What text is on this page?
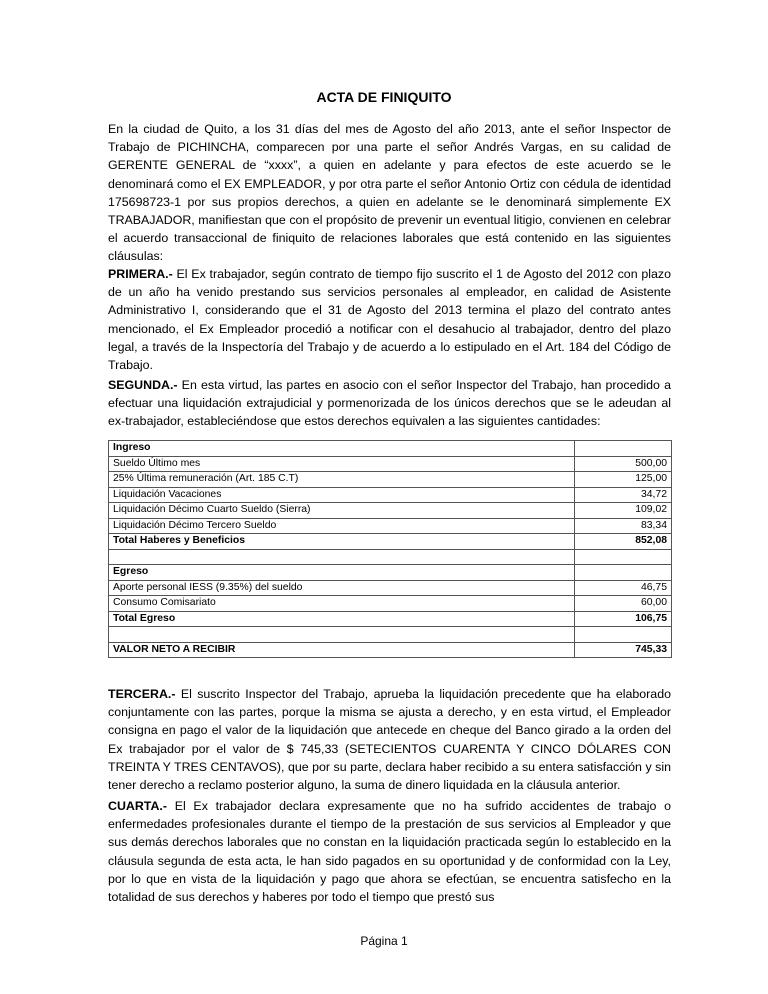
ACTA DE FINIQUITO

En la ciudad de Quito, a los 31 días del mes de Agosto del año 2013, ante el señor Inspector de Trabajo de PICHINCHA, comparecen por una parte el señor Andrés Vargas, en su calidad de GERENTE GENERAL de “xxxx”, a quien en adelante y para efectos de este acuerdo se le denominará como el EX EMPLEADOR, y por otra parte el señor Antonio Ortiz con cédula de identidad 175698723-1 por sus propios derechos, a quien en adelante se le denominará simplemente EX TRABAJADOR, manifiestan que con el propósito de prevenir un eventual litigio, convienen en celebrar el acuerdo transaccional de finiquito de relaciones laborales que está contenido en las siguientes cláusulas:

PRIMERA.- El Ex trabajador, según contrato de tiempo fijo suscrito el 1 de Agosto del 2012 con plazo de un año ha venido prestando sus servicios personales al empleador, en calidad de Asistente Administrativo I, considerando que el 31 de Agosto del 2013 termina el plazo del contrato antes mencionado, el Ex Empleador procedió a notificar con el desahucio al trabajador, dentro del plazo legal, a través de la Inspectoría del Trabajo y de acuerdo a lo estipulado en el Art. 184 del Código de Trabajo.

SEGUNDA.- En esta virtud, las partes en asocio con el señor Inspector del Trabajo, han procedido a efectuar una liquidación extrajudicial y pormenorizada de los únicos derechos que se le adeudan al ex-trabajador, estableciéndose que estos derechos equivalen a las siguientes cantidades:

Ingreso	
Sueldo Último mes	500,00
25% Última remuneración (Art. 185 C.T)	125,00
Liquidación Vacaciones	34,72
Liquidación Décimo Cuarto Sueldo (Sierra)	109,02
Liquidación Décimo Tercero Sueldo	83,34
Total Haberes y Beneficios	852,08

Egreso	
Aporte personal IESS (9.35%) del sueldo	46,75
Consumo Comisariato	60,00
Total Egreso	106,75

VALOR NETO A RECIBIR	745,33

TERCERA.- El suscrito Inspector del Trabajo, aprueba la liquidación precedente que ha elaborado conjuntamente con las partes, porque la misma se ajusta a derecho, y en esta virtud, el Empleador consigna en pago el valor de la liquidación que antecede en cheque del Banco girado a la orden del Ex trabajador por el valor de $ 745,33 (SETECIENTOS CUARENTA Y CINCO DÓLARES CON TREINTA Y TRES CENTAVOS), que por su parte, declara haber recibido a su entera satisfacción y sin tener derecho a reclamo posterior alguno, la suma de dinero liquidada en la cláusula anterior.

CUARTA.- El Ex trabajador declara expresamente que no ha sufrido accidentes de trabajo o enfermedades profesionales durante el tiempo de la prestación de sus servicios al Empleador y que sus demás derechos laborales que no constan en la liquidación practicada según lo establecido en la cláusula segunda de esta acta, le han sido pagados en su oportunidad y de conformidad con la Ley, por lo que en vista de la liquidación y pago que ahora se efectúan, se encuentra satisfecho en la totalidad de sus derechos y haberes por todo el tiempo que prestó sus

Página 1
